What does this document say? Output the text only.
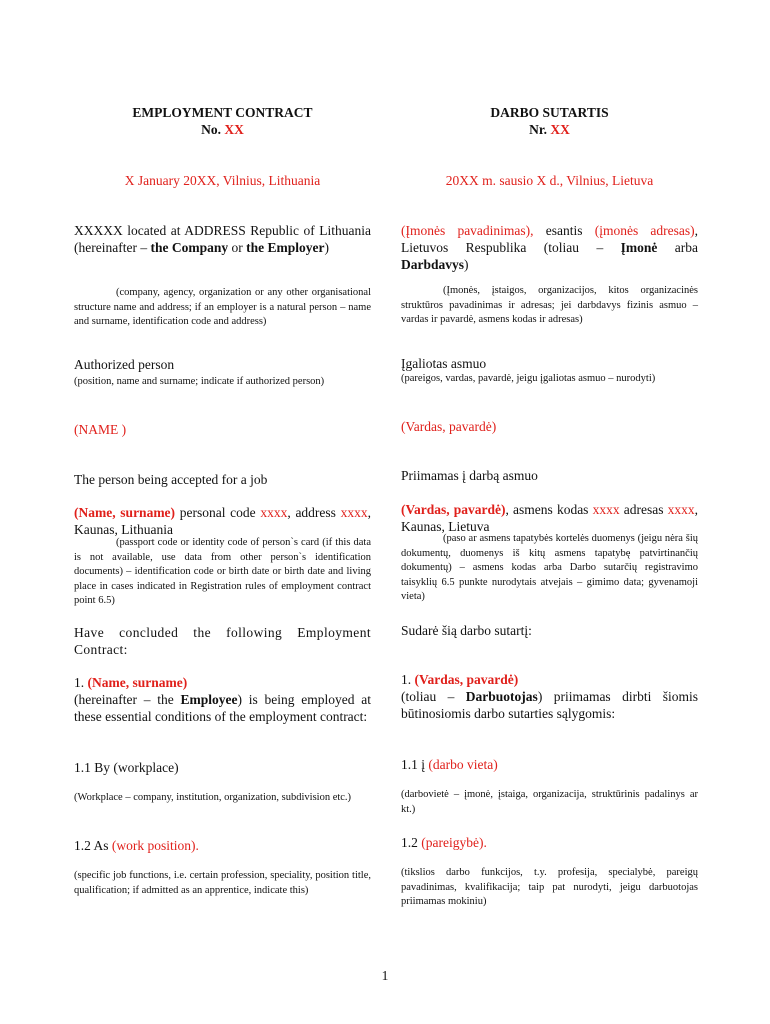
EMPLOYMENT CONTRACT
No. XX
X January 20XX, Vilnius, Lithuania
XXXXX located at ADDRESS Republic of Lithuania (hereinafter – the Company or the Employer)
(company, agency, organization or any other organisational structure name and address; if an employer is a natural person – name and surname, identification code and address)
Authorized person
(position, name and surname; indicate if authorized person)
(NAME )
The person being accepted for a job
(Name, surname) personal code xxxx, address xxxx, Kaunas, Lithuania
(passport code or identity code of person`s card (if this data is not available, use data from other person`s identification documents) – identification code or birth date or birth date and living place in cases indicated in Registration rules of employment contract point 6.5)
Have concluded the following Employment Contract:
1. (Name, surname)
(hereinafter – the Employee) is being employed at these essential conditions of the employment contract:
1.1 By (workplace)
(Workplace – company, institution, organization, subdivision etc.)
1.2 As (work position).
(specific job functions, i.e. certain profession, speciality, position title, qualification; if admitted as an apprentice, indicate this)
DARBO SUTARTIS
Nr. XX
20XX m. sausio X d., Vilnius, Lietuva
(Įmonės pavadinimas), esantis (įmonės adresas), Lietuvos Respublika (toliau – Įmonė arba Darbdavys)
(Įmonės, įstaigos, organizacijos, kitos organizacinės struktūros pavadinimas ir adresas; jei darbdavys fizinis asmuo – vardas ir pavardė, asmens kodas ir adresas)
Įgaliotas asmuo
(pareigos, vardas, pavardė, jeigu įgaliotas asmuo – nurodyti)
(Vardas, pavardė)
Priimamas į darbą asmuo
(Vardas, pavardė), asmens kodas xxxx adresas xxxx, Kaunas, Lietuva
(paso ar asmens tapatybės kortelės duomenys (jeigu nėra šių dokumentų, duomenys iš kitų asmens tapatybę patvirtinančių dokumentų) – asmens kodas arba Darbo sutarčių registravimo taisyklių 6.5 punkte nurodytais atvejais – gimimo data; gyvenamoji vieta)
Sudarė šią darbo sutartį:
1. (Vardas, pavardė)
(toliau – Darbuotojas) priimamas dirbti šiomis būtinosiomis darbo sutarties sąlygomis:
1.1 į (darbo vieta)
(darbovietė – įmonė, įstaiga, organizacija, struktūrinis padalinys ar kt.)
1.2 (pareigybė).
(tikslios darbo funkcijos, t.y. profesija, specialybė, pareigų pavadinimas, kvalifikacija; taip pat nurodyti, jeigu darbuotojas priimamas mokiniu)
1
